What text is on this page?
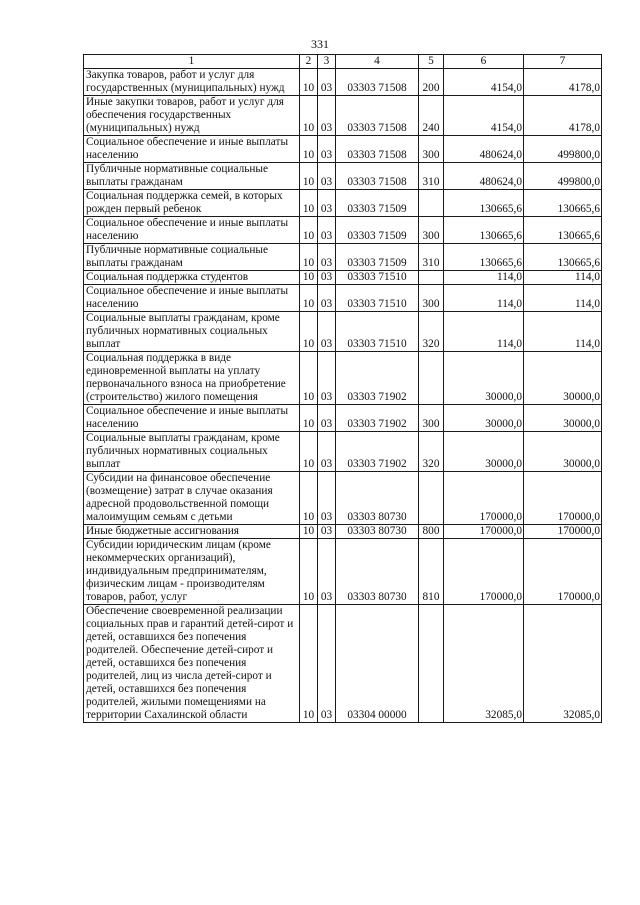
331
1	2	3	4	5	6	7
Закупка товаров, работ и услуг для государственных (муниципальных) нужд	10	03	03303 71508	200	4154,0	4178,0
Иные закупки товаров, работ и услуг для обеспечения государственных (муниципальных) нужд	10	03	03303 71508	240	4154,0	4178,0
Социальное обеспечение и иные выплаты населению	10	03	03303 71508	300	480624,0	499800,0
Публичные нормативные социальные выплаты гражданам	10	03	03303 71508	310	480624,0	499800,0
Социальная поддержка семей, в которых рожден первый ребенок	10	03	03303 71509		130665,6	130665,6
Социальное обеспечение и иные выплаты населению	10	03	03303 71509	300	130665,6	130665,6
Публичные нормативные социальные выплаты гражданам	10	03	03303 71509	310	130665,6	130665,6
Социальная поддержка студентов	10	03	03303 71510		114,0	114,0
Социальное обеспечение и иные выплаты населению	10	03	03303 71510	300	114,0	114,0
Социальные выплаты гражданам, кроме публичных нормативных социальных выплат	10	03	03303 71510	320	114,0	114,0
Социальная поддержка в виде единовременной выплаты на уплату первоначального взноса на приобретение (строительство) жилого помещения	10	03	03303 71902		30000,0	30000,0
Социальное обеспечение и иные выплаты населению	10	03	03303 71902	300	30000,0	30000,0
Социальные выплаты гражданам, кроме публичных нормативных социальных выплат	10	03	03303 71902	320	30000,0	30000,0
Субсидии на финансовое обеспечение (возмещение) затрат в случае оказания адресной продовольственной помощи малоимущим семьям с детьми	10	03	03303 80730		170000,0	170000,0
Иные бюджетные ассигнования	10	03	03303 80730	800	170000,0	170000,0
Субсидии юридическим лицам (кроме некоммерческих организаций), индивидуальным предпринимателям, физическим лицам - производителям товаров, работ, услуг	10	03	03303 80730	810	170000,0	170000,0
Обеспечение своевременной реализации социальных прав и гарантий детей-сирот и детей, оставшихся без попечения родителей. Обеспечение детей-сирот и детей, оставшихся без попечения родителей, лиц из числа детей-сирот и детей, оставшихся без попечения родителей, жилыми помещениями на территории Сахалинской области	10	03	03304 00000		32085,0	32085,0
